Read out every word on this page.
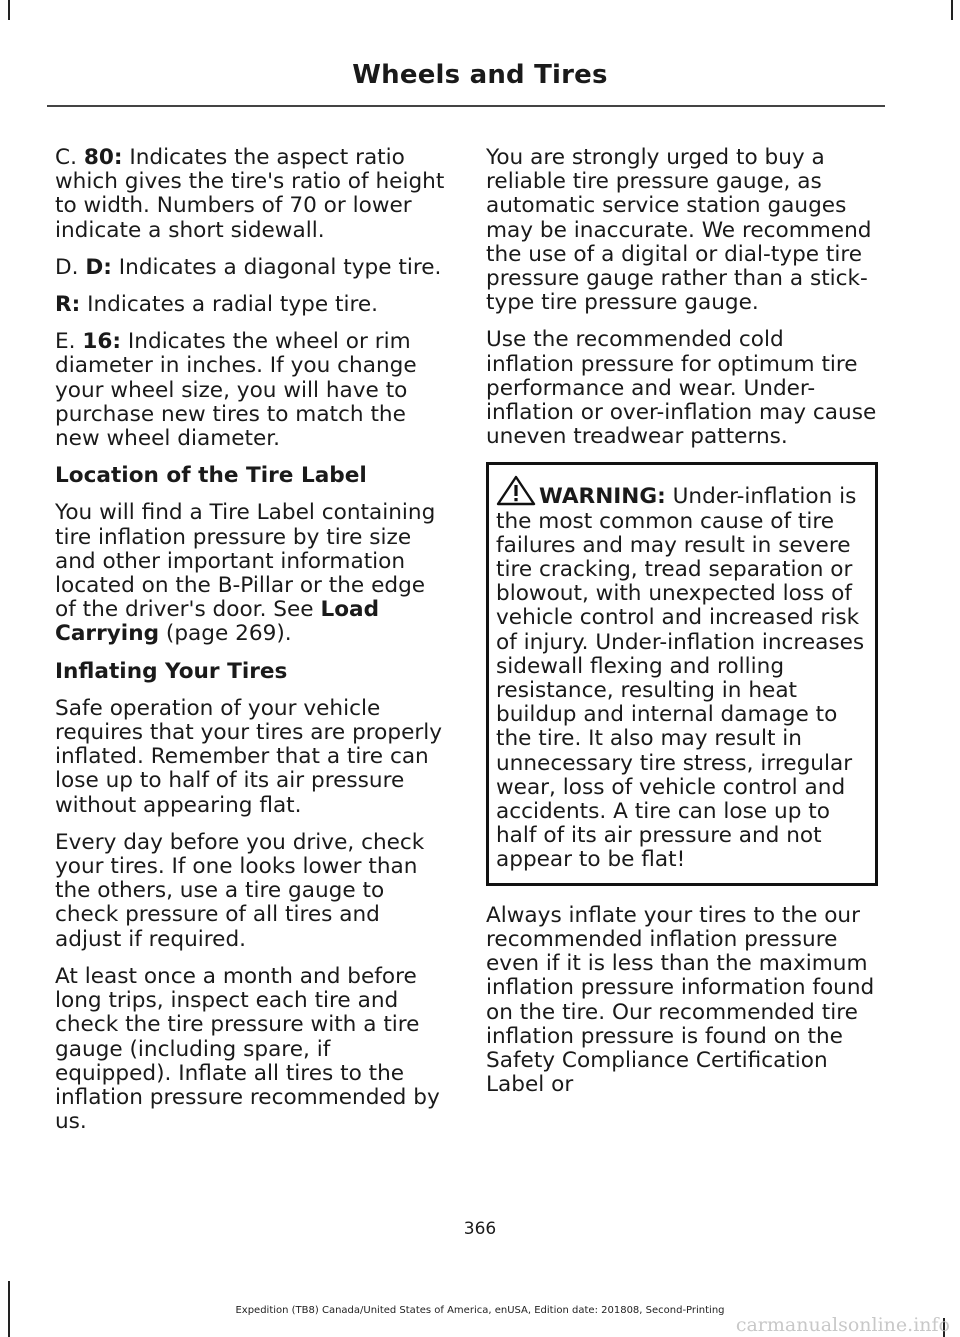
Wheels and Tires

C. 80: Indicates the aspect ratio which gives the tire's ratio of height to width. Numbers of 70 or lower indicate a short sidewall.

D. D: Indicates a diagonal type tire.

R: Indicates a radial type tire.

E. 16: Indicates the wheel or rim diameter in inches. If you change your wheel size, you will have to purchase new tires to match the new wheel diameter.

Location of the Tire Label

You will find a Tire Label containing tire inflation pressure by tire size and other important information located on the B-Pillar or the edge of the driver's door. See Load Carrying (page 269).

Inflating Your Tires

Safe operation of your vehicle requires that your tires are properly inflated. Remember that a tire can lose up to half of its air pressure without appearing flat.

Every day before you drive, check your tires. If one looks lower than the others, use a tire gauge to check pressure of all tires and adjust if required.

At least once a month and before long trips, inspect each tire and check the tire pressure with a tire gauge (including spare, if equipped). Inflate all tires to the inflation pressure recommended by us.

You are strongly urged to buy a reliable tire pressure gauge, as automatic service station gauges may be inaccurate. We recommend the use of a digital or dial-type tire pressure gauge rather than a stick-type tire pressure gauge.

Use the recommended cold inflation pressure for optimum tire performance and wear. Under-inflation or over-inflation may cause uneven treadwear patterns.

WARNING: Under-inflation is the most common cause of tire failures and may result in severe tire cracking, tread separation or blowout, with unexpected loss of vehicle control and increased risk of injury. Under-inflation increases sidewall flexing and rolling resistance, resulting in heat buildup and internal damage to the tire. It also may result in unnecessary tire stress, irregular wear, loss of vehicle control and accidents. A tire can lose up to half of its air pressure and not appear to be flat!

Always inflate your tires to the our recommended inflation pressure even if it is less than the maximum inflation pressure information found on the tire. Our recommended tire inflation pressure is found on the Safety Compliance Certification Label or

366
Expedition (TB8) Canada/United States of America, enUSA, Edition date: 201808, Second-Printing
carmanualsonline.info
